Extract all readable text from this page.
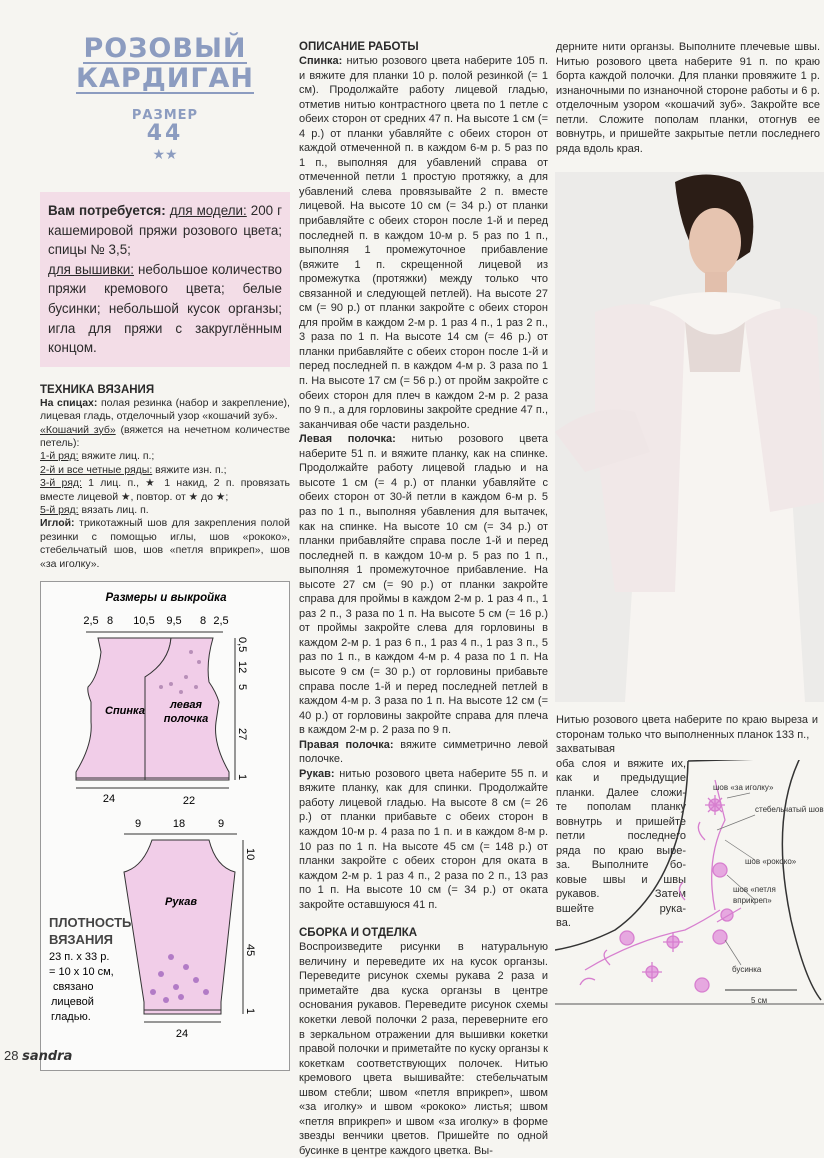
РОЗОВЫЙ
КАРДИГАН
РАЗМЕР
44
★★
Вам потребуется: для модели: 200 г кашемировой пряжи розового цвета; спицы № 3,5;
для вышивки: небольшое количество пряжи кремового цвета; белые бусинки; небольшой кусок органзы; игла для пряжи с закруглённым концом.
ТЕХНИКА ВЯЗАНИЯ
На спицах: полая резинка (набор и закрепление), лицевая гладь, отделочный узор «кошачий зуб».
«Кошачий зуб» (вяжется на нечетном количестве петель):
1-й ряд: вяжите лиц. п.;
2-й и все четные ряды: вяжите изн. п.;
3-й ряд: 1 лиц. п., ★ 1 накид, 2 п. провязать вместе лицевой ★, повтор. от ★ до ★;
5-й ряд: вязать лиц. п.
Иглой: трикотажный шов для закрепления полой резинки с помощью иглы, шов «рококо», стебельчатый шов, шов «петля вприкреп», шов «за иголку».
Размеры и выкройка
2,5 8 10,5 9,5 8 2,5
Спинка левая
полочка
0,5
12
5
27
1
24	22
9	18	9
Рукав
10
45
1
24
ПЛОТНОСТЬ
ВЯЗАНИЯ
23 п. х 33 р.
= 10 х 10 см,
связано
лицевой
гладью.
ОПИСАНИЕ РАБОТЫ

Спинка: нитью розового цвета наберите 105 п. и вяжите для планки 10 р. полой резинкой (= 1 см). Продолжайте работу лицевой гладью, отметив нитью контрастного цвета по 1 петле с обеих сторон от средних 47 п. На высоте 1 см (= 4 р.) от планки убавляйте с обеих сторон от каждой отмеченной п. в каждом 6-м р. 5 раз по 1 п., выполняя для убавлений справа от отмеченной петли 1 простую протяжку, а для убавлений слева провязывайте 2 п. вместе лицевой. На высоте 10 см (= 34 р.) от планки прибавляйте с обеих сторон после 1-й и перед последней п. в каждом 10-м р. 5 раз по 1 п., выполняя 1 промежуточное прибавление (вяжите 1 п. скрещенной лицевой из промежутка (протяжки) между только что связанной и следующей петлей). На высоте 27 см (= 90 р.) от планки закройте с обеих сторон для пройм в каждом 2-м р. 1 раз 4 п., 1 раз 2 п., 3 раза по 1 п. На высоте 14 см (= 46 р.) от планки прибавляйте с обеих сторон после 1-й и перед последней п. в каждом 4-м р. 3 раза по 1 п. На высоте 17 см (= 56 р.) от пройм закройте с обеих сторон для плеч в каждом 2-м р. 2 раза по 9 п., а для горловины закройте средние 47 п., заканчивая обе части раздельно.

Левая полочка: нитью розового цвета наберите 51 п. и вяжите планку, как на спинке. Продолжайте работу лицевой гладью и на высоте 1 см (= 4 р.) от планки убавляйте с обеих сторон от 30-й петли в каждом 6-м р. 5 раз по 1 п., выполняя убавления для вытачек, как на спинке. На высоте 10 см (= 34 р.) от планки прибавляйте справа после 1-й и перед последней п. в каждом 10-м р. 5 раз по 1 п., выполняя 1 промежуточное прибавление. На высоте 27 см (= 90 р.) от планки закройте справа для проймы в каждом 2-м р. 1 раз 4 п., 1 раз 2 п., 3 раза по 1 п. На высоте 5 см (= 16 р.) от проймы закройте слева для горловины в каждом 2-м р. 1 раз 6 п., 1 раз 4 п., 1 раз 3 п., 5 раз по 1 п., в каждом 4-м р. 4 раза по 1 п. На высоте 9 см (= 30 р.) от горловины прибавьте справа после 1-й и перед последней петлей в каждом 4-м р. 3 раза по 1 п. На высоте 12 см (= 40 р.) от горловины закройте справа для плеча в каждом 2-м р. 2 раза по 9 п.

Правая полочка: вяжите симметрично левой полочке.

Рукав: нитью розового цвета наберите 55 п. и вяжите планку, как для спинки. Продолжайте работу лицевой гладью. На высоте 8 см (= 26 р.) от планки прибавьте с обеих сторон в каждом 10-м р. 4 раза по 1 п. и в каждом 8-м р. 10 раз по 1 п. На высоте 45 см (= 148 р.) от планки закройте с обеих сторон для оката в каждом 2-м р. 1 раз 4 п., 2 раза по 2 п., 13 раз по 1 п. На высоте 10 см (= 34 р.) от оката закройте оставшуюся 41 п.

СБОРКА И ОТДЕЛКА

Воспроизведите рисунки в натуральную величину и переведите их на кусок органзы. Переведите рисунок схемы рукава 2 раза и приметайте два куска органзы в центре основания рукавов. Переведите рисунок схемы кокетки левой полочки 2 раза, переверните его в зеркальном отражении для вышивки кокетки правой полочки и приметайте по куску органзы к кокеткам соответствующих полочек. Нитью кремового цвета вышивайте: стебельчатым швом стебли; швом «петля вприкреп», швом «за иголку» и швом «рококо» листья; швом «петля вприкреп» и швом «за иголку» в форме звезды венчики цветов. Пришейте по одной бусинке в центре каждого цветка. Вы-

дерните нити органзы. Выполните плечевые швы. Нитью розового цвета наберите 91 п. по краю борта каждой полочки. Для планки провяжите 1 р. изнаночными по изнаночной стороне работы и 6 р. отделочным узором «кошачий зуб». Закройте все петли. Сложите пополам планки, отогнув ее вовнутрь, и пришейте закрытые петли последнего ряда вдоль края.
Нитью розового цвета наберите по краю выреза и сторонам только что выполненных планок 133 п.,
захватывая
оба слоя и вяжите их,
как и предыдущие
планки. Далее сложи-
те пополам планку
вовнутрь и пришейте
петли последнего
ряда по краю выре-
за. Выполните бо-
ковые швы и швы
рукавов. Затем
вшейте рука-
ва.
шов «за иголку»
стебельчатый шов
шов «рококо»
шов «петля
вприкреп»
бусинка
5 см
28 sandra
